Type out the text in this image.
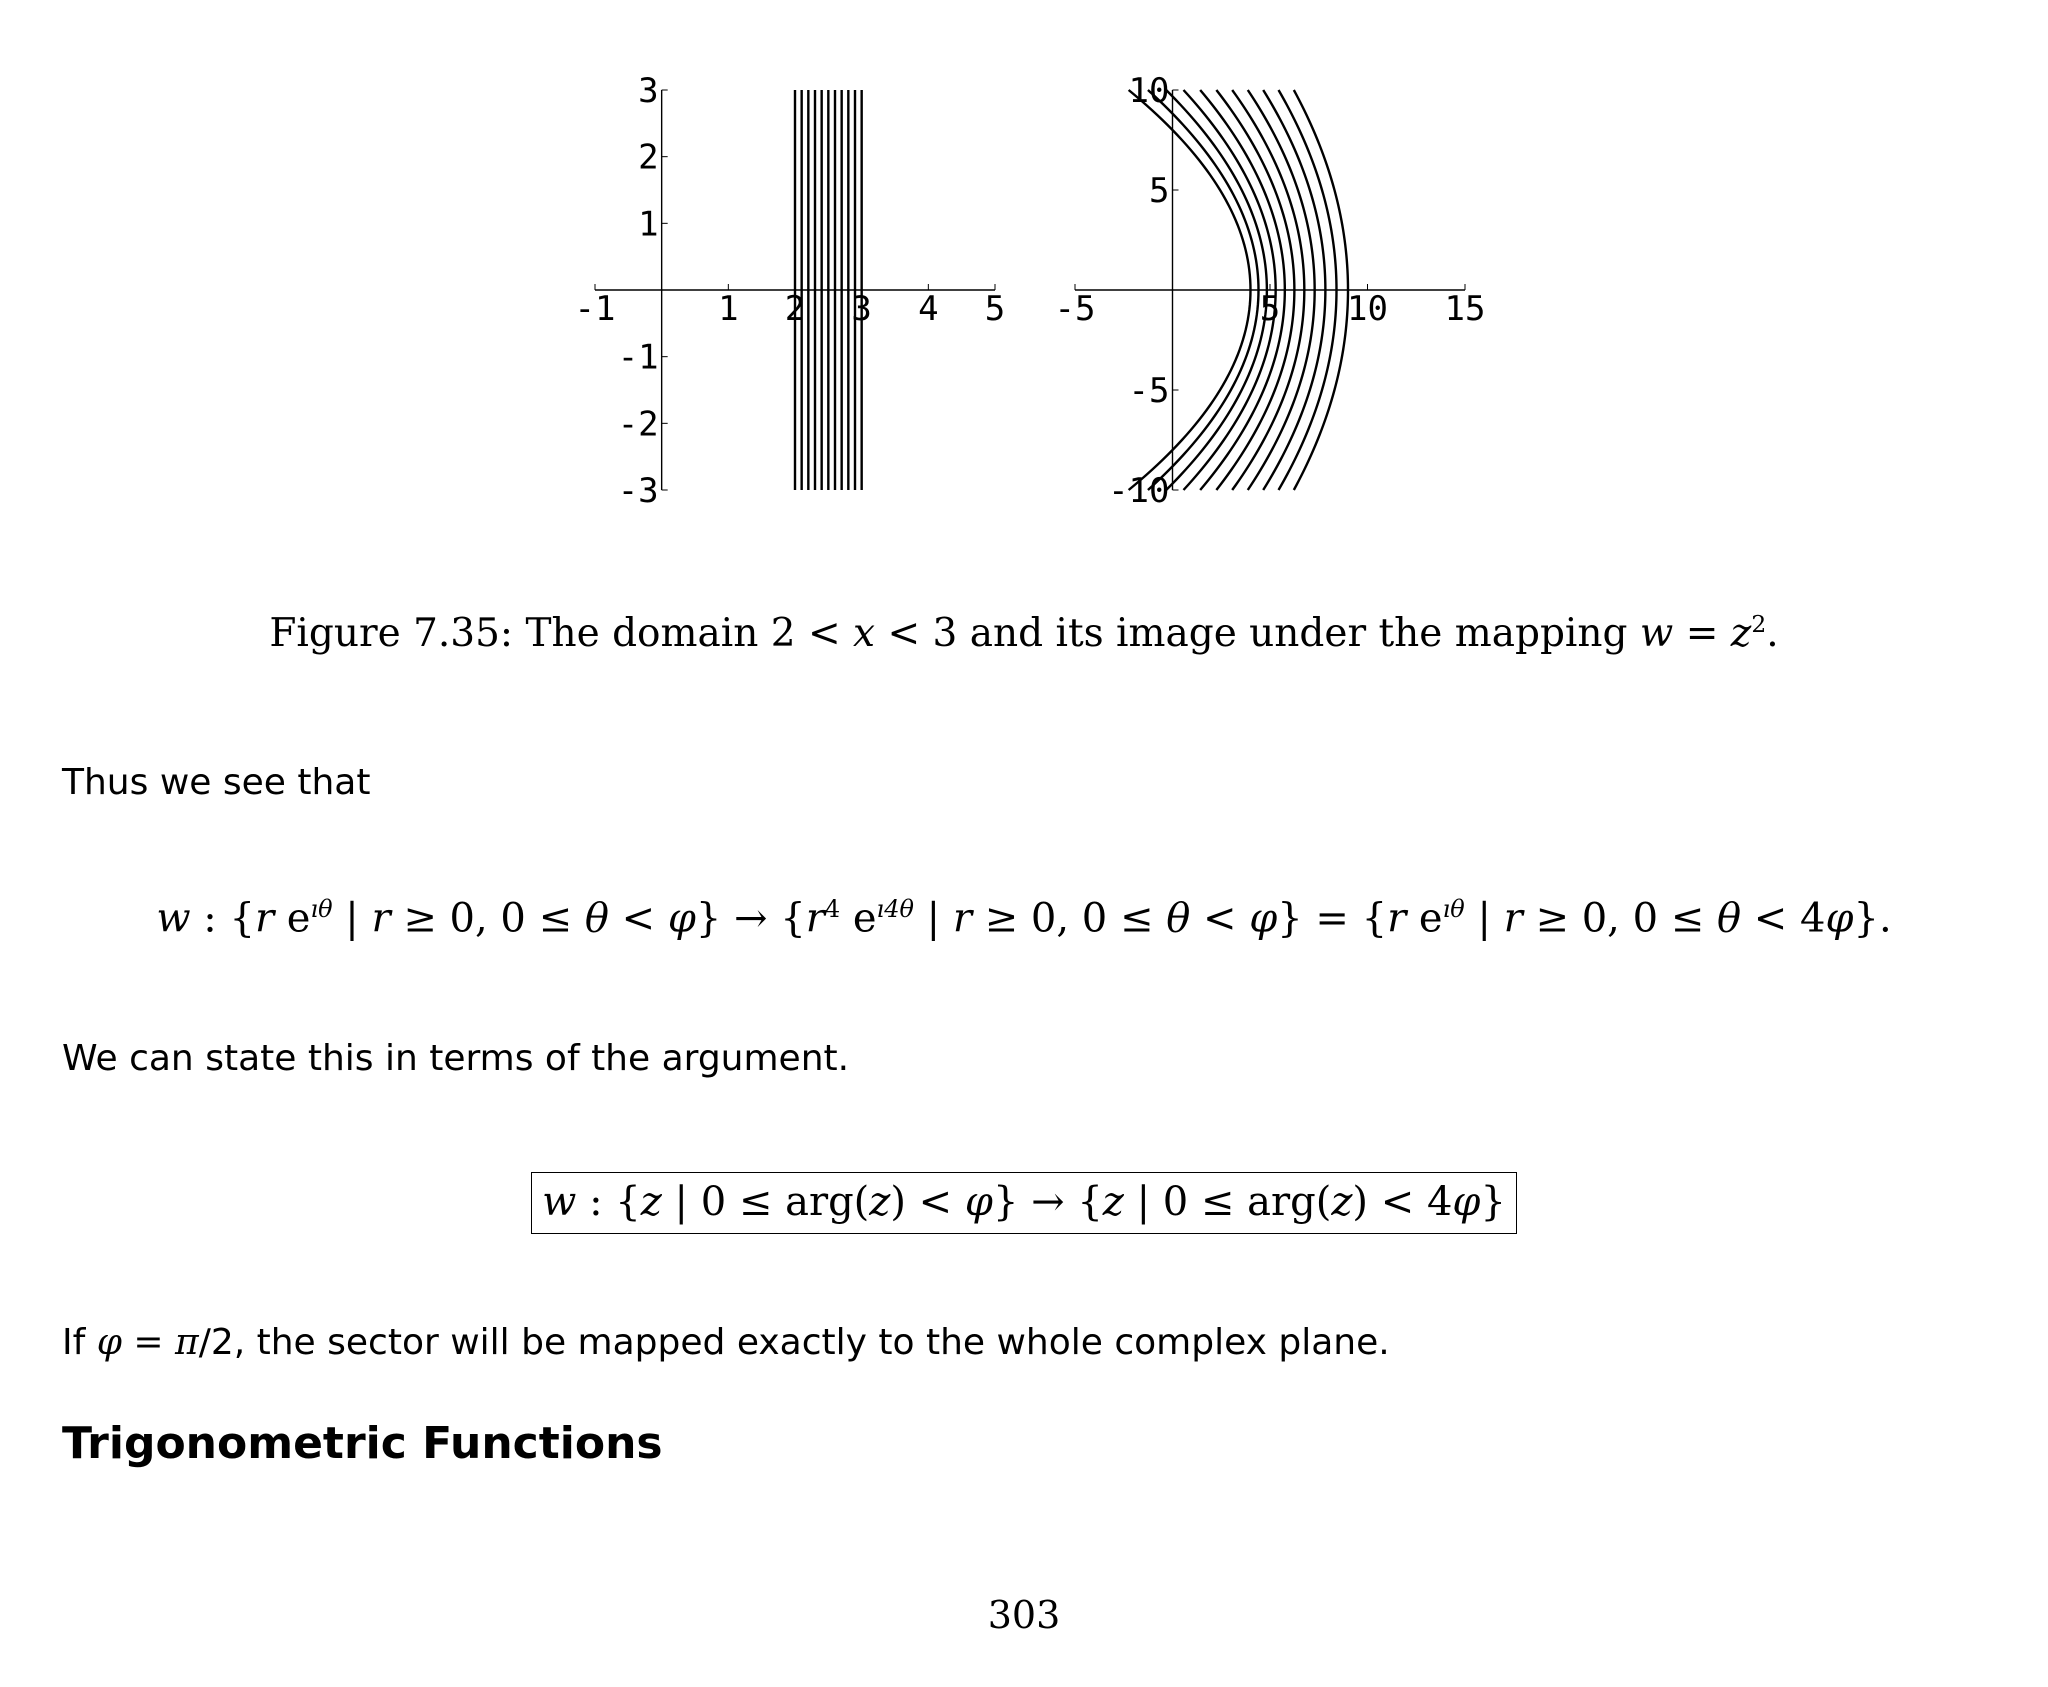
-1	1 2 3 4 5
3
2
1
-1
-2
-3
-5	5 10 15
10
5
-5
-10
Figure 7.35: The domain 2 < x < 3 and its image under the mapping $w = z^2$.
Thus we see that
w : {r $e^{ı\theta}$ | r ≥ 0, $0 \le \theta < \varphi\} \to \{r^4$ $e^{ı4\theta}$ | r ≥ 0, 0 ≤ θ < φ} = {r $e^{ı\theta}$ | r ≥ 0, 0 ≤ θ < 4φ}.
We can state this in terms of the argument.
w : {z | 0 ≤ arg(z) < φ} → {z | 0 ≤ arg(z) < 4φ}
If φ = π/2, the sector will be mapped exactly to the whole complex plane.
Trigonometric Functions
303
